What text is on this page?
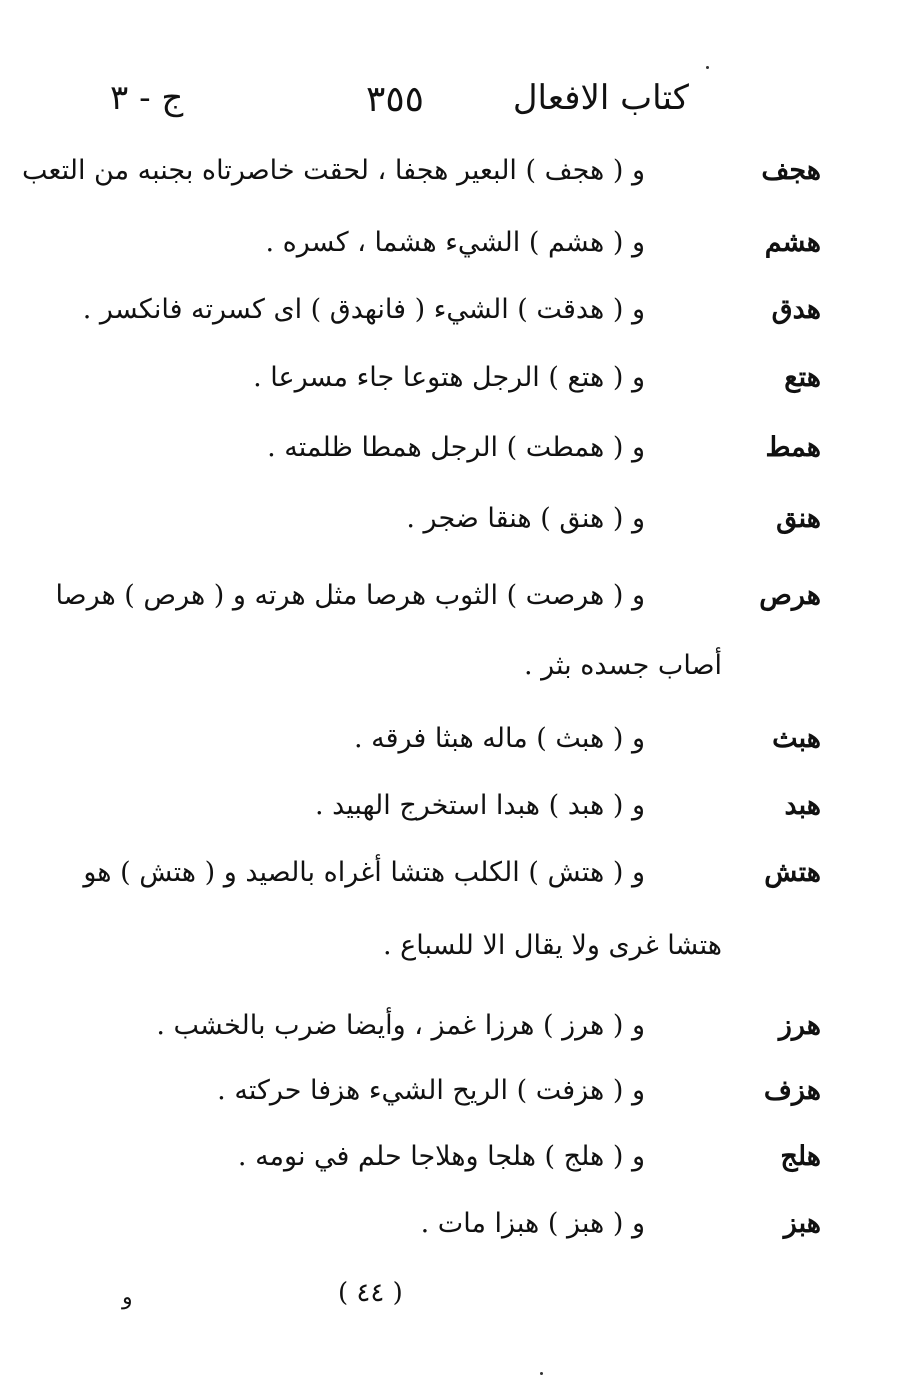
كتاب الافعال
٣٥٥
ج - ٣
هجف
و ( هجف ) البعير هجفا ، لحقت خاصرتاه بجنبه من التعب
هشم
و ( هشم ) الشيء هشما ، كسره .
هدق
و ( هدقت ) الشيء ( فانهدق ) اى كسرته فانكسر .
هتع
و ( هتع ) الرجل هتوعا جاء مسرعا .
همط
و ( همطت ) الرجل همطا ظلمته .
هنق
و ( هنق ) هنقا ضجر .
هرص
و ( هرصت ) الثوب هرصا مثل هرته و ( هرص ) هرصا
أصاب جسده بثر .
هبث
و ( هبث ) ماله هبثا فرقه .
هبد
و ( هبد ) هبدا استخرج الهبيد .
هتش
و ( هتش ) الكلب هتشا أغراه بالصيد و ( هتش ) هو
هتشا غرى ولا يقال الا للسباع .
هرز
و ( هرز ) هرزا غمز ، وأيضا ضرب بالخشب .
هزف
و ( هزفت ) الريح الشيء هزفا حركته .
هلج
و ( هلج ) هلجا وهلاجا حلم في نومه .
هبز
و ( هبز ) هبزا مات .
( ٤٤ )
و
